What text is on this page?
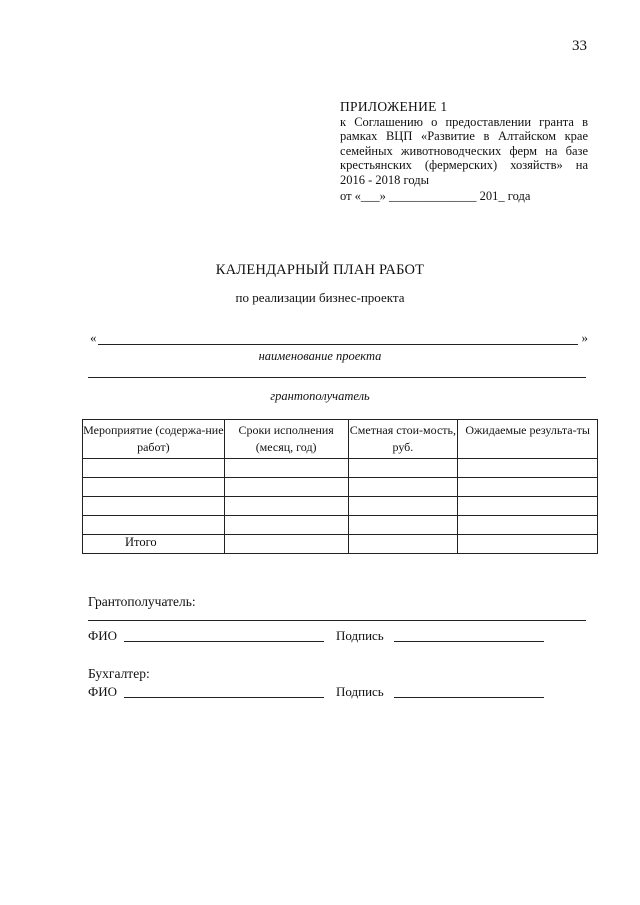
33
ПРИЛОЖЕНИЕ 1
к Соглашению о предоставлении гранта в
рамках ВЦП «Развитие в Алтайском крае
семейных животноводческих ферм на базе
крестьянских (фермерских) хозяйств» на
2016 - 2018 годы
от «___» ______________ 201_ года
КАЛЕНДАРНЫЙ ПЛАН РАБОТ
по реализации бизнес-проекта
«	»
наименование проекта
грантополучатель
Мероприятие (содержа-ние работ)	Сроки исполнения (месяц, год)	Сметная стои-мость, руб.	Ожидаемые результа-ты

Итого			
Грантополучатель:
ФИО	Подпись
Бухгалтер:
ФИО	Подпись
